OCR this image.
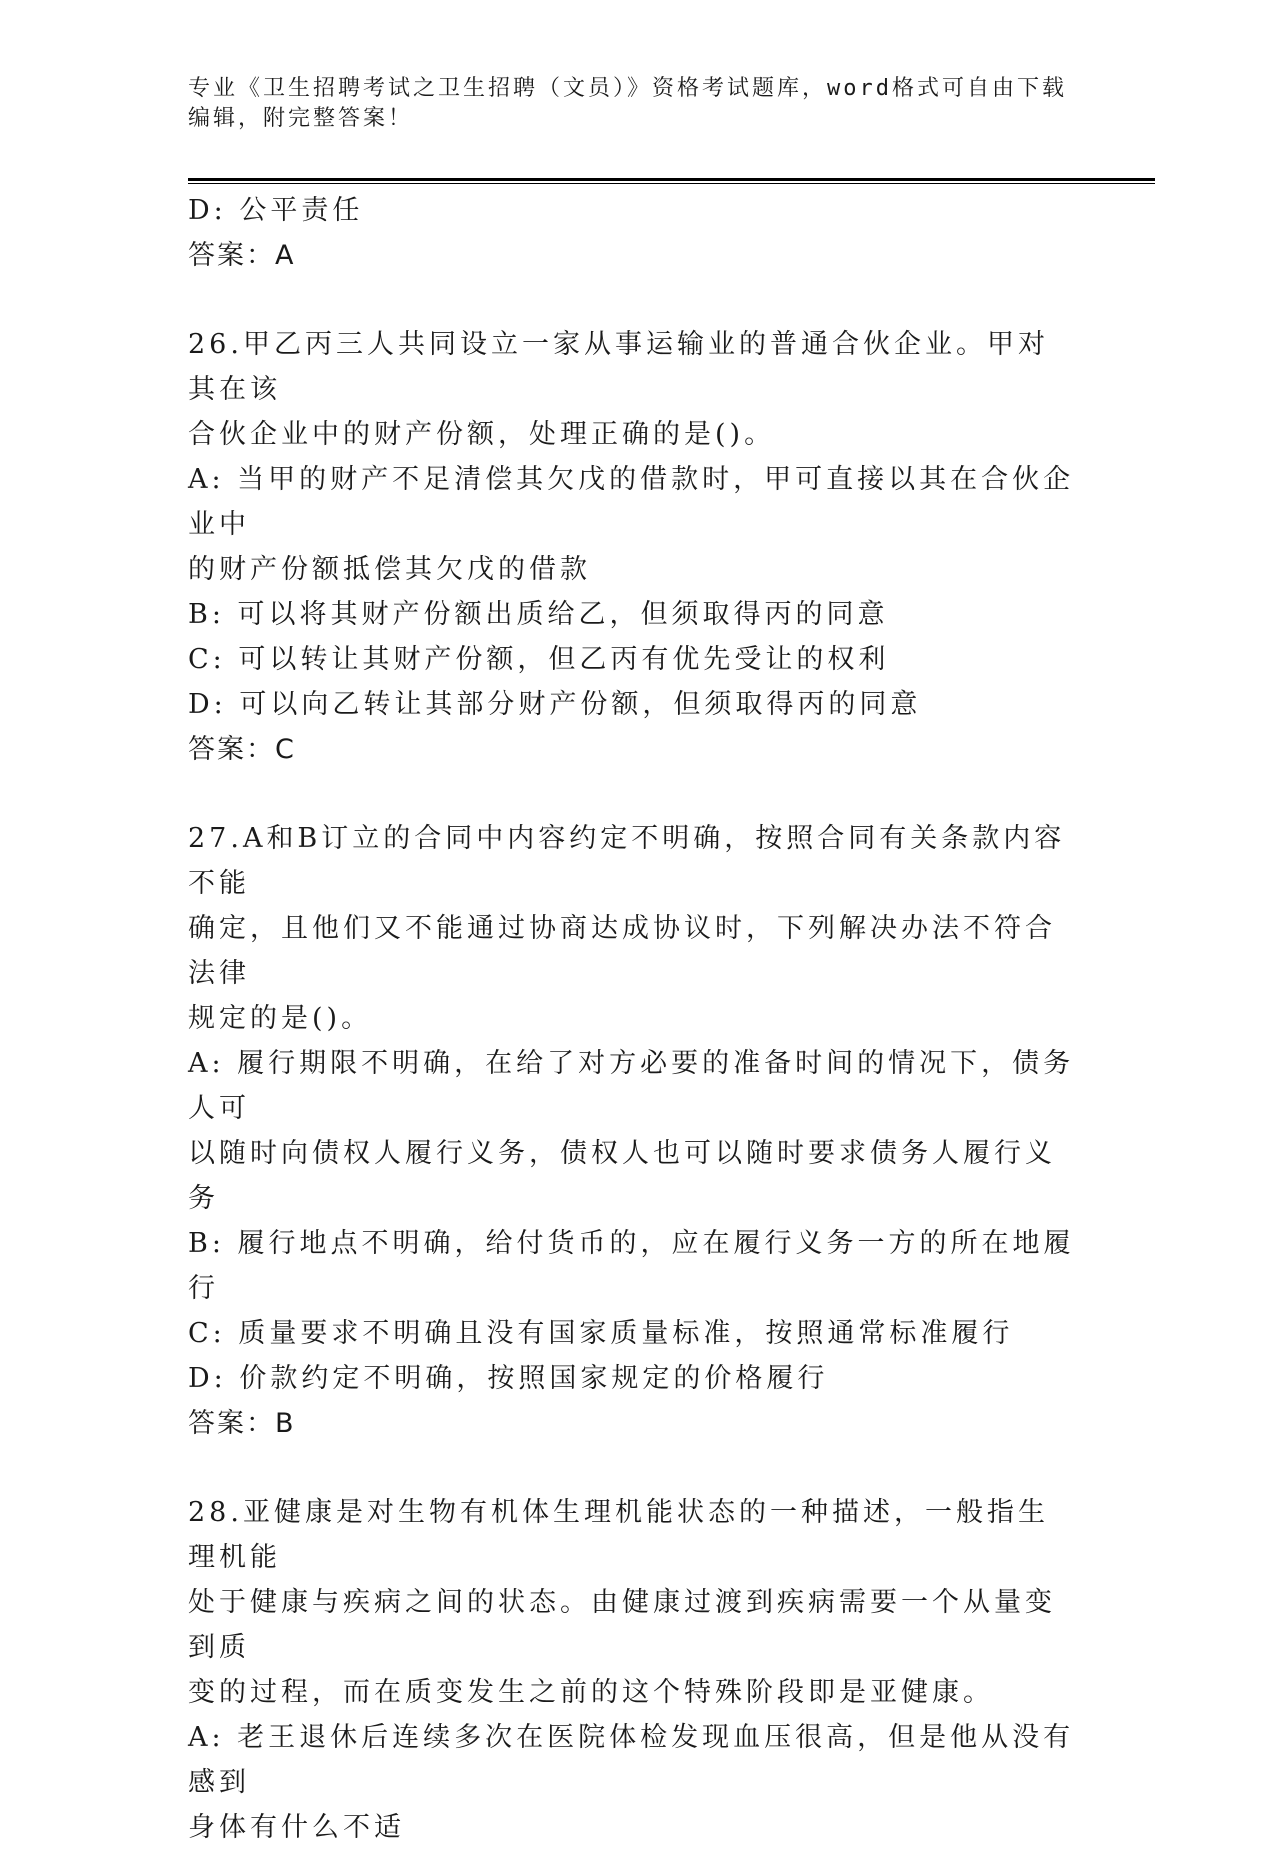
专业《卫生招聘考试之卫生招聘（文员）》资格考试题库，word格式可自由下载
编辑，附完整答案！
D: 公平责任
答案：A
26.甲乙丙三人共同设立一家从事运输业的普通合伙企业。甲对其在该
合伙企业中的财产份额，处理正确的是()。
A: 当甲的财产不足清偿其欠戊的借款时，甲可直接以其在合伙企业中
的财产份额抵偿其欠戊的借款
B: 可以将其财产份额出质给乙，但须取得丙的同意
C: 可以转让其财产份额，但乙丙有优先受让的权利
D: 可以向乙转让其部分财产份额，但须取得丙的同意
答案：C
27.A和B订立的合同中内容约定不明确，按照合同有关条款内容不能
确定，且他们又不能通过协商达成协议时，下列解决办法不符合法律
规定的是()。
A: 履行期限不明确，在给了对方必要的准备时间的情况下，债务人可
以随时向债权人履行义务，债权人也可以随时要求债务人履行义务
B: 履行地点不明确，给付货币的，应在履行义务一方的所在地履行
C: 质量要求不明确且没有国家质量标准，按照通常标准履行
D: 价款约定不明确，按照国家规定的价格履行
答案：B
28.亚健康是对生物有机体生理机能状态的一种描述，一般指生理机能
处于健康与疾病之间的状态。由健康过渡到疾病需要一个从量变到质
变的过程，而在质变发生之前的这个特殊阶段即是亚健康。
A: 老王退休后连续多次在医院体检发现血压很高，但是他从没有感到
身体有什么不适
